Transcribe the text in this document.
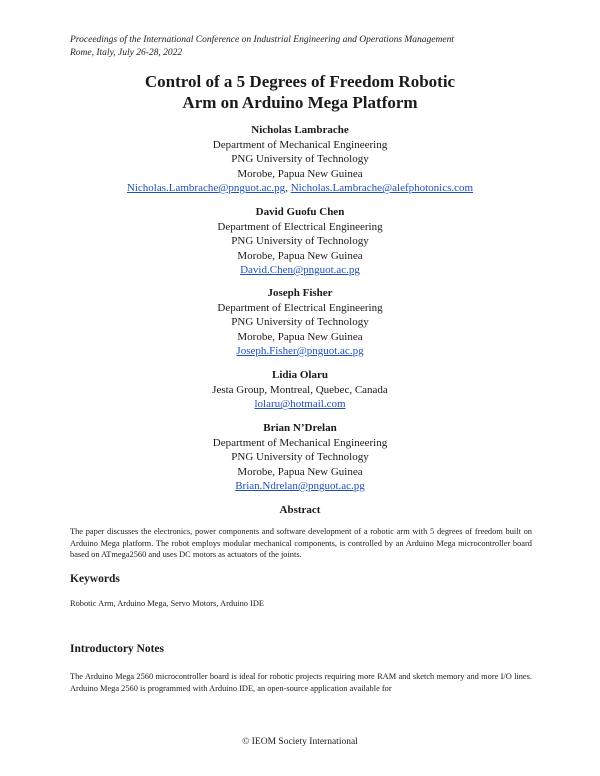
Proceedings of the International Conference on Industrial Engineering and Operations Management
Rome, Italy, July 26-28, 2022
Control of a 5 Degrees of Freedom Robotic
Arm on Arduino Mega Platform
Nicholas Lambrache
Department of Mechanical Engineering
PNG University of Technology
Morobe, Papua New Guinea
Nicholas.Lambrache@pnguot.ac.pg, Nicholas.Lambrache@alefphotonics.com
David Guofu Chen
Department of Electrical Engineering
PNG University of Technology
Morobe, Papua New Guinea
David.Chen@pnguot.ac.pg
Joseph Fisher
Department of Electrical Engineering
PNG University of Technology
Morobe, Papua New Guinea
Joseph.Fisher@pnguot.ac.pg
Lidia Olaru
Jesta Group, Montreal, Quebec, Canada
lolaru@hotmail.com
Brian N’Drelan
Department of Mechanical Engineering
PNG University of Technology
Morobe, Papua New Guinea
Brian.Ndrelan@pnguot.ac.pg
Abstract
The paper discusses the electronics, power components and software development of a robotic arm with 5 degrees of freedom built on Arduino Mega platform. The robot employs modular mechanical components, is controlled by an Arduino Mega microcontroller board based on ATmega2560 and uses DC motors as actuators of the joints.
Keywords
Robotic Arm, Arduino Mega, Servo Motors, Arduino IDE
Introductory Notes
The Arduino Mega 2560 microcontroller board is ideal for robotic projects requiring more RAM and sketch memory and more I/O lines. Arduino Mega 2560 is programmed with Arduino IDE, an open-source application available for
© IEOM Society International
